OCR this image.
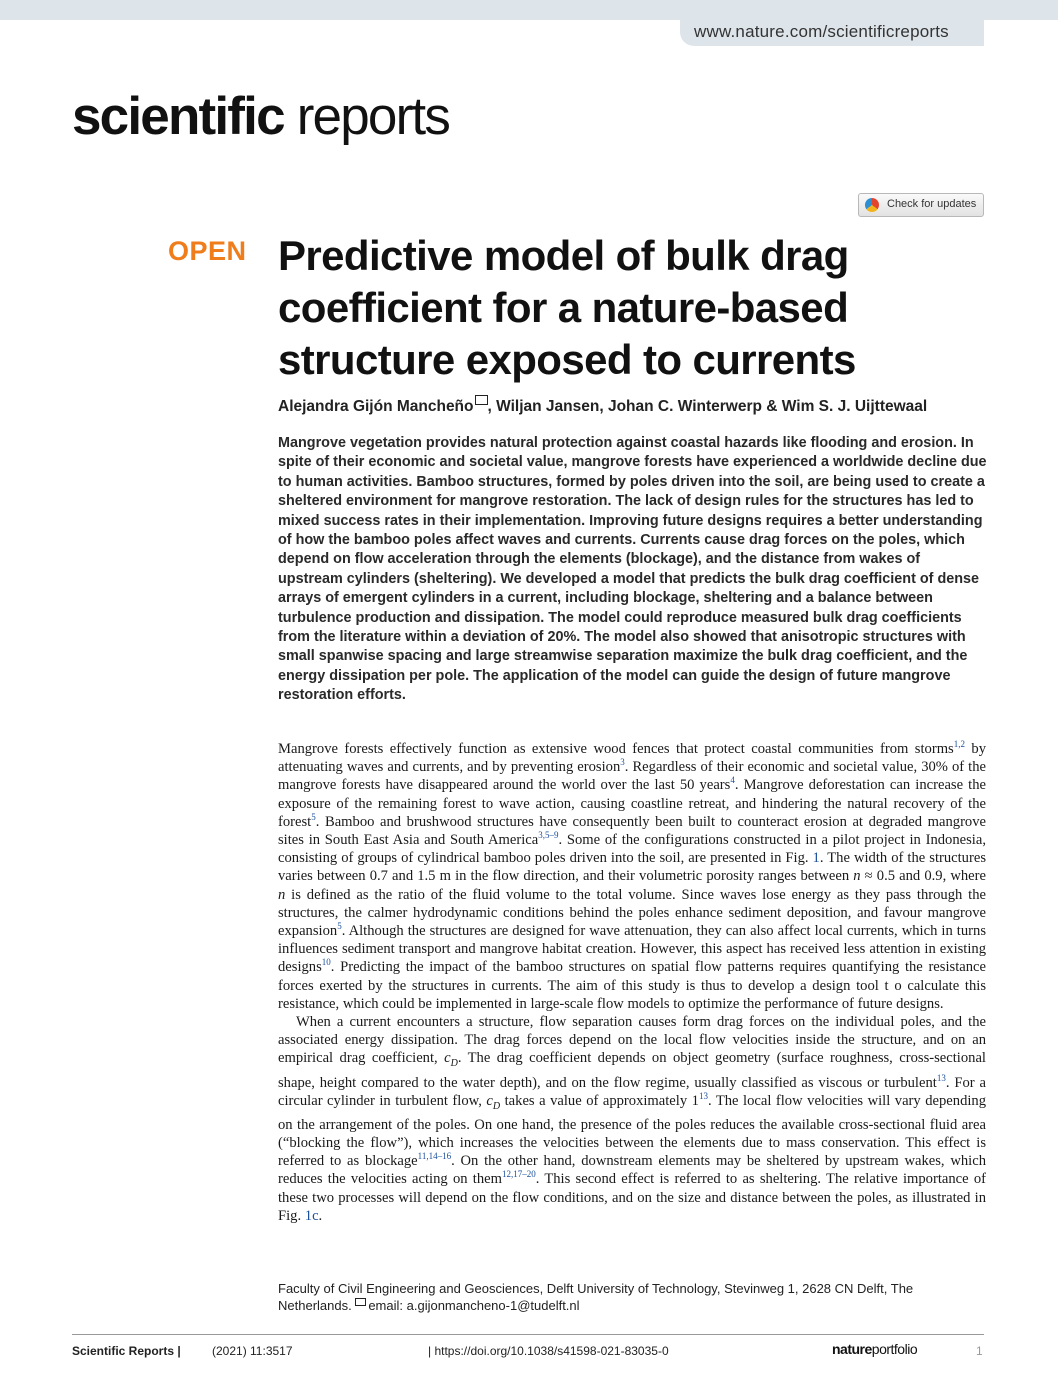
www.nature.com/scientificreports
scientific reports
Check for updates
OPEN Predictive model of bulk drag coefficient for a nature-based structure exposed to currents
Alejandra Gijón Mancheño , Wiljan Jansen, Johan C. Winterwerp & Wim S. J. Uijttewaal

Mangrove vegetation provides natural protection against coastal hazards like flooding and erosion. In spite of their economic and societal value, mangrove forests have experienced a worldwide decline due to human activities. Bamboo structures, formed by poles driven into the soil, are being used to create a sheltered environment for mangrove restoration. The lack of design rules for the structures has led to mixed success rates in their implementation. Improving future designs requires a better understanding of how the bamboo poles affect waves and currents. Currents cause drag forces on the poles, which depend on flow acceleration through the elements (blockage), and the distance from wakes of upstream cylinders (sheltering). We developed a model that predicts the bulk drag coefficient of dense arrays of emergent cylinders in a current, including blockage, sheltering and a balance between turbulence production and dissipation. The model could reproduce measured bulk drag coefficients from the literature within a deviation of 20%. The model also showed that anisotropic structures with small spanwise spacing and large streamwise separation maximize the bulk drag coefficient, and the energy dissipation per pole. The application of the model can guide the design of future mangrove restoration efforts.

Mangrove forests effectively function as extensive wood fences that protect coastal communities from storms$^{1,2}$ by attenuating waves and currents, and by preventing erosion$^3$. Regardless of their economic and societal value, 30% of the mangrove forests have disappeared around the world over the last 50 years$^4$. Mangrove deforestation can increase the exposure of the remaining forest to wave action, causing coastline retreat, and hindering the natural recovery of the forest$^5$. Bamboo and brushwood structures have consequently been built to counteract erosion at degraded mangrove sites in South East Asia and South America$^{3,5-9}$. Some of the configurations constructed in a pilot project in Indonesia, consisting of groups of cylindrical bamboo poles driven into the soil, are presented in Fig. 1. The width of the structures varies between 0.7 and 1.5 m in the flow direction, and their volumetric porosity ranges between n ≈ 0.5 and 0.9, where n is defined as the ratio of the fluid volume to the total volume. Since waves lose energy as they pass through the structures, the calmer hydrodynamic conditions behind the poles enhance sediment deposition, and favour mangrove expansion$^5$. Although the structures are designed for wave attenuation, they can also affect local currents, which in turns influences sediment transport and mangrove habitat creation. However, this aspect has received less attention in existing designs$^{10}$. Predicting the impact of the bamboo structures on spatial flow patterns requires quantifying the resistance forces exerted by the structures in currents. The aim of this study is thus to develop a design tool t o calculate this resistance, which could be implemented in large-scale flow models to optimize the performance of future designs.

When a current encounters a structure, flow separation causes form drag forces on the individual poles, and the associated energy dissipation. The drag forces depend on the local flow velocities inside the structure, and on an empirical drag coefficient, $c_D$. The drag coefficient depends on object geometry (surface roughness, cross-sectional shape, height compared to the water depth), and on the flow regime, usually classified as viscous or turbulent$^{13}$. For a circular cylinder in turbulent flow, $c_D$ takes a value of approximately $1^{13}$. The local flow velocities will vary depending on the arrangement of the poles. On one hand, the presence of the poles reduces the available cross-sectional fluid area (“blocking the flow”), which increases the velocities between the elements due to mass conservation. This effect is referred to as blockage$^{11,14-16}$. On the other hand, downstream elements may be sheltered by upstream wakes, which reduces the velocities acting on them$^{12,17-20}$. This second effect is referred to as sheltering. The relative importance of these two processes will depend on the flow conditions, and on the size and distance between the poles, as illustrated in Fig. 1c.

Faculty of Civil Engineering and Geosciences, Delft University of Technology, Stevinweg 1, 2628 CN Delft, The Netherlands. email: a.gijonmancheno-1@tudelft.nl
Scientific Reports |	(2021) 11:3517	| https://doi.org/10.1038/s41598-021-83035-0	natureportfolio	1
